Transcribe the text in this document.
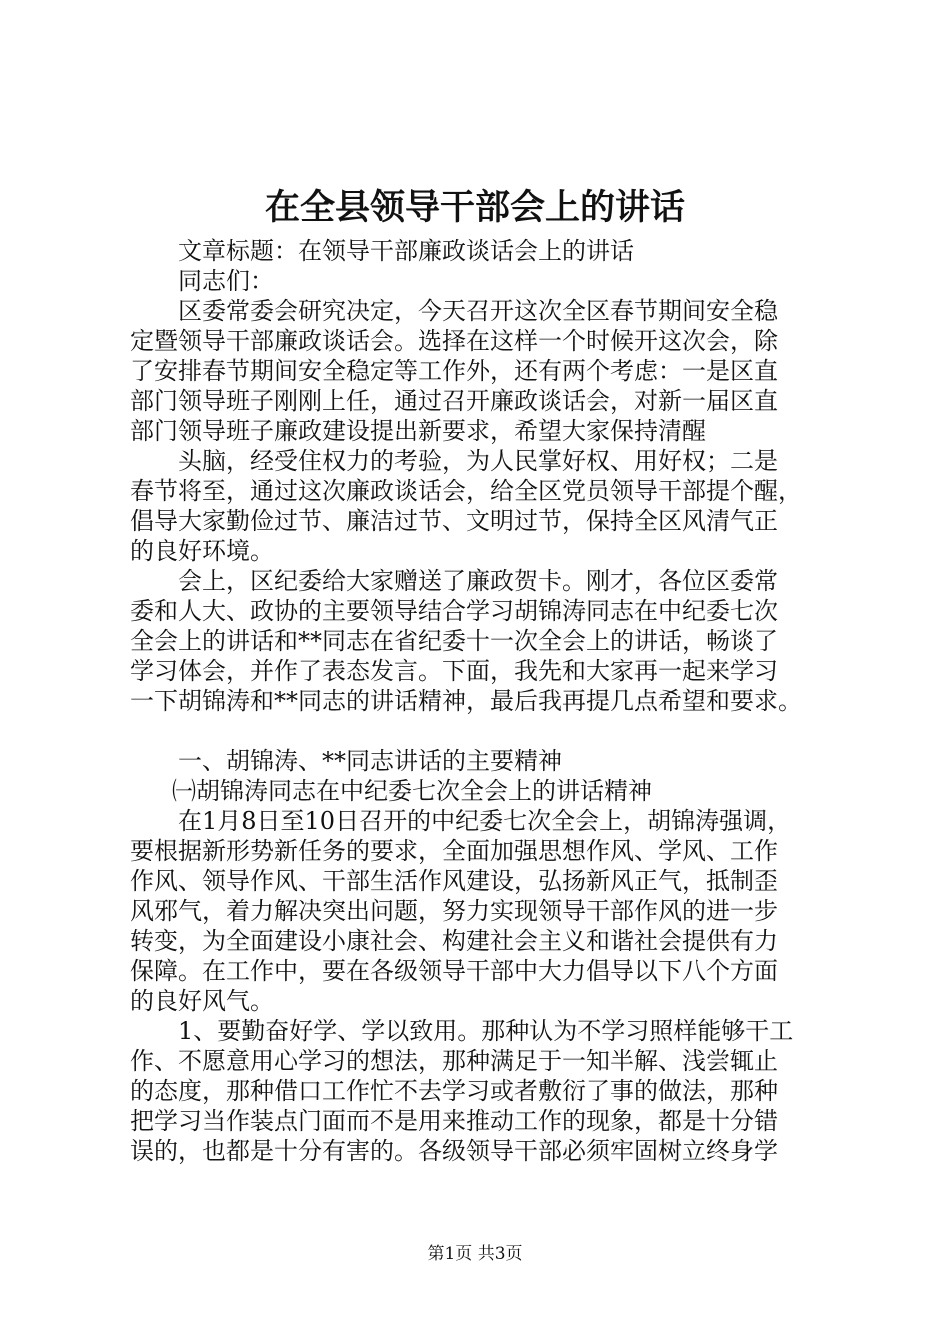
在全县领导干部会上的讲话
文章标题：在领导干部廉政谈话会上的讲话
同志们：
区委常委会研究决定，今天召开这次全区春节期间安全稳
定暨领导干部廉政谈话会。选择在这样一个时候开这次会，除
了安排春节期间安全稳定等工作外，还有两个考虑：一是区直
部门领导班子刚刚上任，通过召开廉政谈话会，对新一届区直
部门领导班子廉政建设提出新要求，希望大家保持清醒
头脑，经受住权力的考验，为人民掌好权、用好权；二是
春节将至，通过这次廉政谈话会，给全区党员领导干部提个醒，
倡导大家勤俭过节、廉洁过节、文明过节，保持全区风清气正
的良好环境。
会上，区纪委给大家赠送了廉政贺卡。刚才，各位区委常
委和人大、政协的主要领导结合学习胡锦涛同志在中纪委七次
全会上的讲话和**同志在省纪委十一次全会上的讲话，畅谈了
学习体会，并作了表态发言。下面，我先和大家再一起来学习
一下胡锦涛和**同志的讲话精神，最后我再提几点希望和要求。
一、胡锦涛、**同志讲话的主要精神
㈠胡锦涛同志在中纪委七次全会上的讲话精神
在1月8日至10日召开的中纪委七次全会上，胡锦涛强调，
要根据新形势新任务的要求，全面加强思想作风、学风、工作
作风、领导作风、干部生活作风建设，弘扬新风正气，抵制歪
风邪气，着力解决突出问题，努力实现领导干部作风的进一步
转变，为全面建设小康社会、构建社会主义和谐社会提供有力
保障。在工作中，要在各级领导干部中大力倡导以下八个方面
的良好风气。
1、要勤奋好学、学以致用。那种认为不学习照样能够干工
作、不愿意用心学习的想法，那种满足于一知半解、浅尝辄止
的态度，那种借口工作忙不去学习或者敷衍了事的做法，那种
把学习当作装点门面而不是用来推动工作的现象，都是十分错
误的，也都是十分有害的。各级领导干部必须牢固树立终身学
第1页 共3页
